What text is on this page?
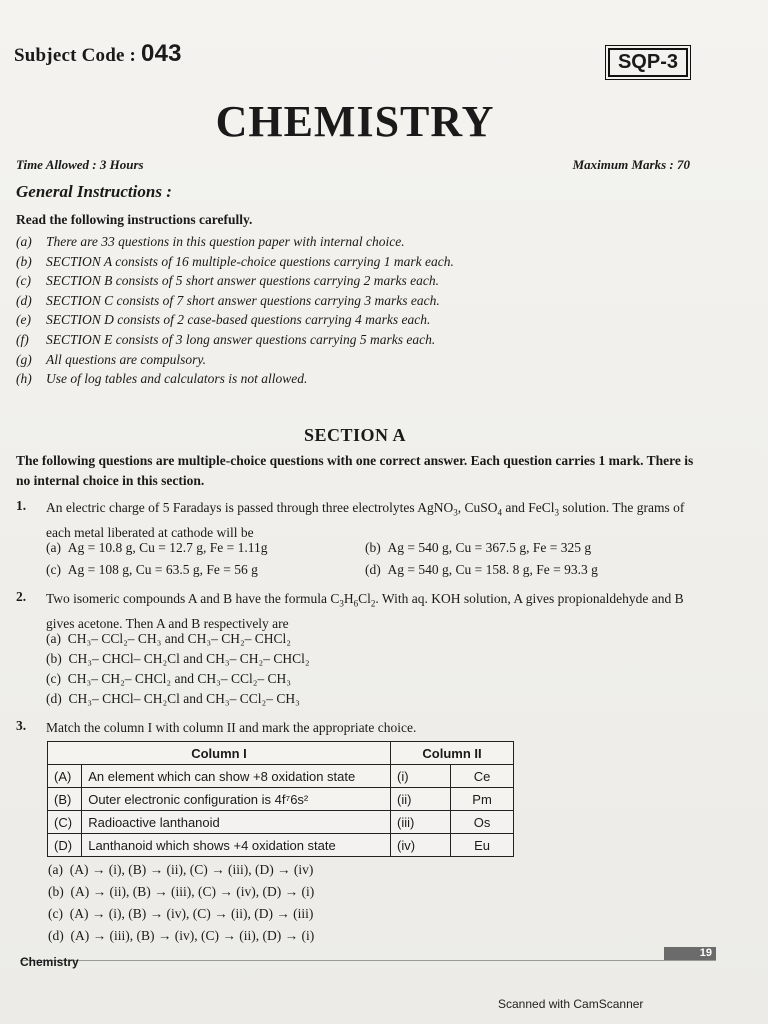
Subject Code : 043	SQP-3
CHEMISTRY
Time Allowed : 3 Hours	Maximum Marks : 70
General Instructions :
Read the following instructions carefully.
(a) There are 33 questions in this question paper with internal choice.
(b) SECTION A consists of 16 multiple-choice questions carrying 1 mark each.
(c) SECTION B consists of 5 short answer questions carrying 2 marks each.
(d) SECTION C consists of 7 short answer questions carrying 3 marks each.
(e) SECTION D consists of 2 case-based questions carrying 4 marks each.
(f) SECTION E consists of 3 long answer questions carrying 5 marks each.
(g) All questions are compulsory.
(h) Use of log tables and calculators is not allowed.
SECTION A
The following questions are multiple-choice questions with one correct answer. Each question carries 1 mark. There is no internal choice in this section.
1. An electric charge of 5 Faradays is passed through three electrolytes AgNO$_3$, CuSO$_4$ and FeCl$_3$ solution. The grams of each metal liberated at cathode will be
(a) Ag = 10.8 g, Cu = 12.7 g, Fe = 1.11g	(b) Ag = 540 g, Cu = 367.5 g, Fe = 325 g
(c) Ag = 108 g, Cu = 63.5 g, Fe = 56 g	(d) Ag = 540 g, Cu = 158. 8 g, Fe = 93.3 g
2. Two isomeric compounds A and B have the formula $C_3H_6Cl_2$. With aq. KOH solution, A gives propionaldehyde and B gives acetone. Then A and B respectively are
(a) CH₃– CCl₂– CH₃ and CH₃– CH₂– CHCl₂
(b) CH₃– CHCl– CH₂Cl and CH₃– CH₂– CHCl₂
(c) CH₃– CH₂– CHCl₂ and CH₃– CCl₂– CH₃
(d) CH₃– CHCl– CH₂Cl and CH₃– CCl₂– CH₃
3. Match the column I with column II and mark the appropriate choice.
Column I		Column II	
(A)	An element which can show +8 oxidation state	(i)	Ce
(B)	Outer electronic configuration is 4f⁷6s²	(ii)	Pm
(C)	Radioactive lanthanoid	(iii)	Os
(D)	Lanthanoid which shows +4 oxidation state	(iv)	Eu
(a) (A) → (i), (B) → (ii), (C) → (iii), (D) → (iv)
(b) (A) → (ii), (B) → (iii), (C) → (iv), (D) → (i)
(c) (A) → (i), (B) → (iv), (C) → (ii), (D) → (iii)
(d) (A) → (iii), (B) → (iv), (C) → (ii), (D) → (i)
Chemistry
19
Scanned with CamScanner
